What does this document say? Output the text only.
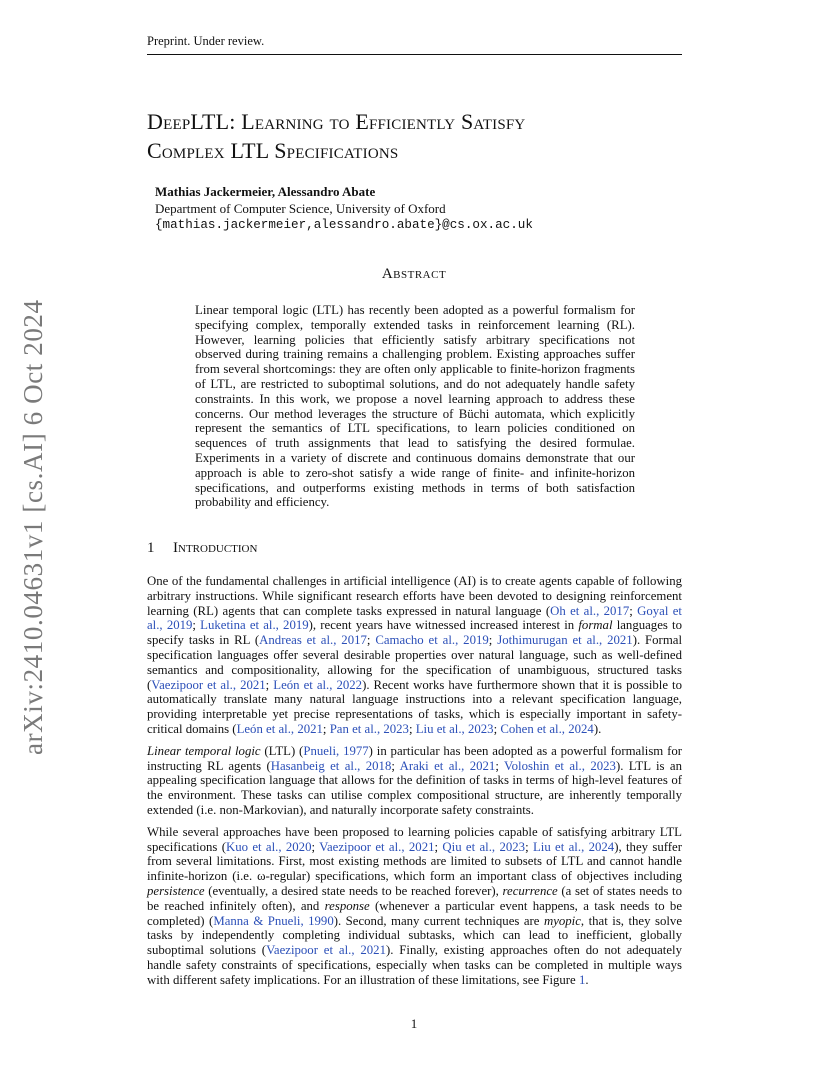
Preprint. Under review.
arXiv:2410.04631v1 [cs.AI] 6 Oct 2024
DeepLTL: Learning to Efficiently Satisfy
Complex LTL Specifications
Mathias Jackermeier, Alessandro Abate
Department of Computer Science, University of Oxford
{mathias.jackermeier,alessandro.abate}@cs.ox.ac.uk
Abstract

Linear temporal logic (LTL) has recently been adopted as a powerful formalism for specifying complex, temporally extended tasks in reinforcement learning (RL). However, learning policies that efficiently satisfy arbitrary specifications not observed during training remains a challenging problem. Existing approaches suffer from several shortcomings: they are often only applicable to finite-horizon fragments of LTL, are restricted to suboptimal solutions, and do not adequately handle safety constraints. In this work, we propose a novel learning approach to address these concerns. Our method leverages the structure of Büchi automata, which explicitly represent the semantics of LTL specifications, to learn policies conditioned on sequences of truth assignments that lead to satisfying the desired formulae. Experiments in a variety of discrete and continuous domains demonstrate that our approach is able to zero-shot satisfy a wide range of finite- and infinite-horizon specifications, and outperforms existing methods in terms of both satisfaction probability and efficiency.

1 Introduction

One of the fundamental challenges in artificial intelligence (AI) is to create agents capable of following arbitrary instructions. While significant research efforts have been devoted to designing reinforcement learning (RL) agents that can complete tasks expressed in natural language (Oh et al., 2017; Goyal et al., 2019; Luketina et al., 2019), recent years have witnessed increased interest in formal languages to specify tasks in RL (Andreas et al., 2017; Camacho et al., 2019; Jothimurugan et al., 2021). Formal specification languages offer several desirable properties over natural language, such as well-defined semantics and compositionality, allowing for the specification of unambiguous, structured tasks (Vaezipoor et al., 2021; León et al., 2022). Recent works have furthermore shown that it is possible to automatically translate many natural language instructions into a relevant specification language, providing interpretable yet precise representations of tasks, which is especially important in safety-critical domains (León et al., 2021; Pan et al., 2023; Liu et al., 2023; Cohen et al., 2024).

Linear temporal logic (LTL) (Pnueli, 1977) in particular has been adopted as a powerful formalism for instructing RL agents (Hasanbeig et al., 2018; Araki et al., 2021; Voloshin et al., 2023). LTL is an appealing specification language that allows for the definition of tasks in terms of high-level features of the environment. These tasks can utilise complex compositional structure, are inherently temporally extended (i.e. non-Markovian), and naturally incorporate safety constraints.

While several approaches have been proposed to learning policies capable of satisfying arbitrary LTL specifications (Kuo et al., 2020; Vaezipoor et al., 2021; Qiu et al., 2023; Liu et al., 2024), they suffer from several limitations. First, most existing methods are limited to subsets of LTL and cannot handle infinite-horizon (i.e. ω-regular) specifications, which form an important class of objectives including persistence (eventually, a desired state needs to be reached forever), recurrence (a set of states needs to be reached infinitely often), and response (whenever a particular event happens, a task needs to be completed) (Manna & Pnueli, 1990). Second, many current techniques are myopic, that is, they solve tasks by independently completing individual subtasks, which can lead to inefficient, globally suboptimal solutions (Vaezipoor et al., 2021). Finally, existing approaches often do not adequately handle safety constraints of specifications, especially when tasks can be completed in multiple ways with different safety implications. For an illustration of these limitations, see Figure 1.

1
